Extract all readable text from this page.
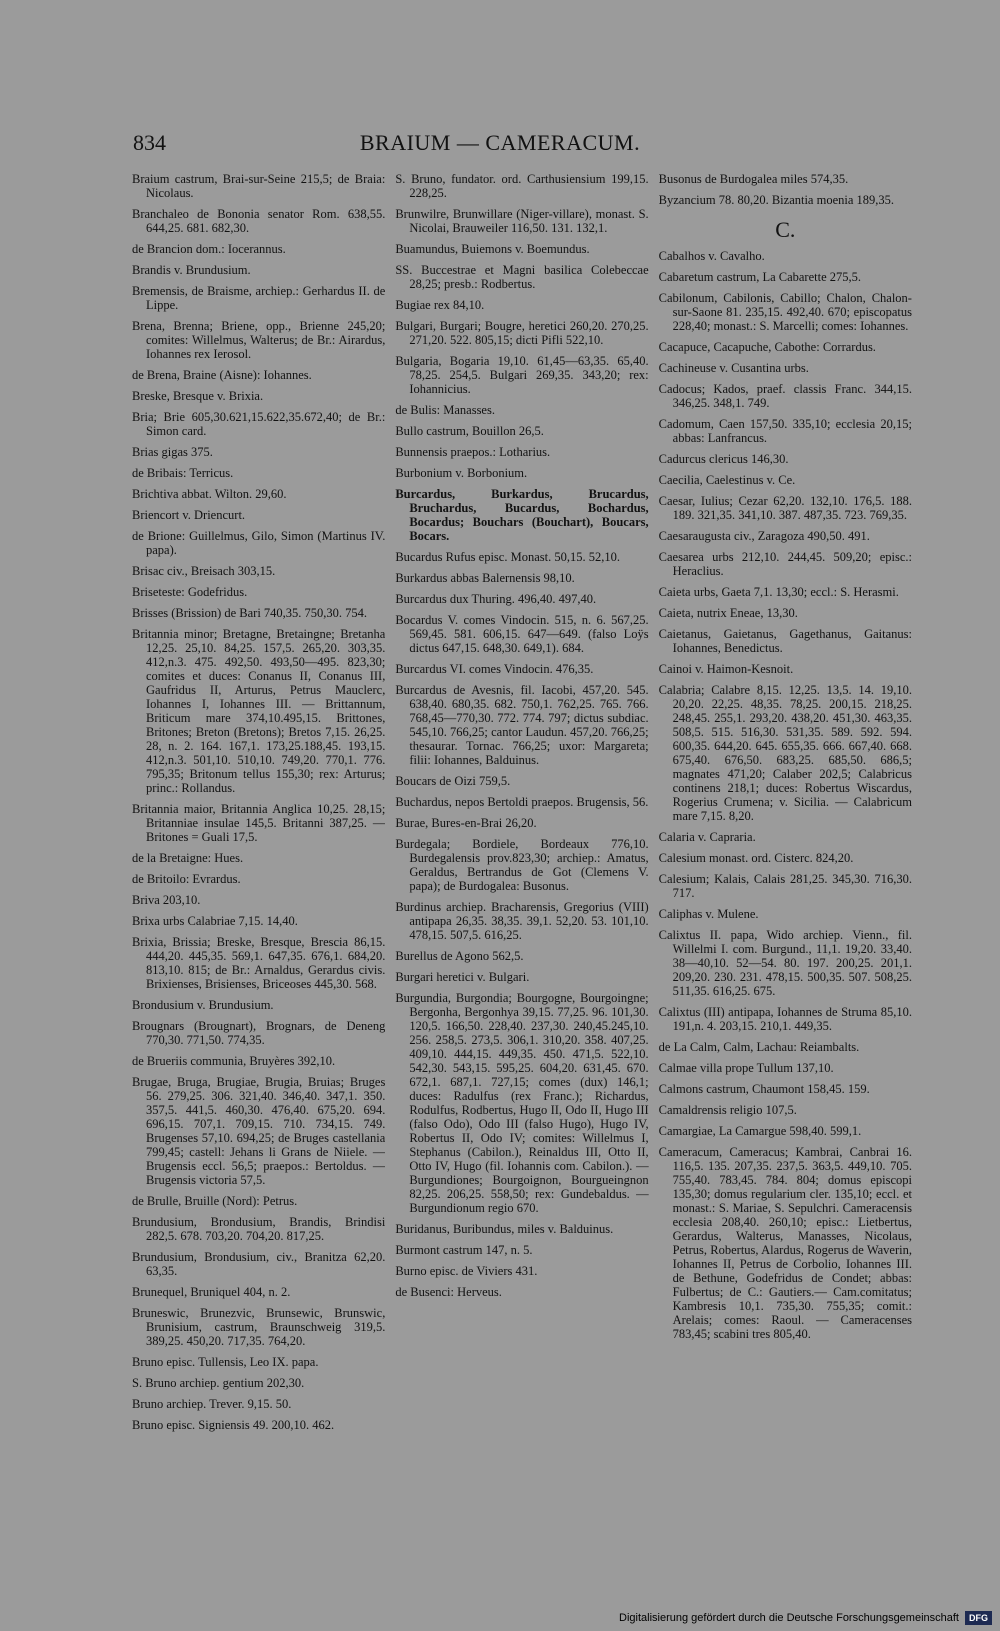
834	BRAIUM — CAMERACUM.

Braium castrum, Brai-sur-Seine 215,5; de Braia: Nicolaus.

Branchaleo de Bononia senator Rom. 638,55. 644,25. 681. 682,30.

de Brancion dom.: Iocerannus.

Brandis v. Brundusium.

Bremensis, de Braisme, archiep.: Gerhardus II. de Lippe.

Brena, Brenna; Briene, opp., Brienne 245,20; comites: Willelmus, Walterus; de Br.: Airardus, Iohannes rex Ierosol.

de Brena, Braine (Aisne): Iohannes.

Breske, Bresque v. Brixia.

Bria; Brie 605,30.621,15.622,35.672,40; de Br.: Simon card.

Brias gigas 375.

de Bribais: Terricus.

Brichtiva abbat. Wilton. 29,60.

Briencort v. Driencurt.

de Brione: Guillelmus, Gilo, Simon (Martinus IV. papa).

Brisac civ., Breisach 303,15.

Briseteste: Godefridus.

Brisses (Brission) de Bari 740,35. 750,30. 754.

Britannia minor; Bretagne, Bretaingne; Bretanha 12,25. 25,10. 84,25. 157,5. 265,20. 303,35. 412,n.3. 475. 492,50. 493,50—495. 823,30; comites et duces: Conanus II, Conanus III, Gaufridus II, Arturus, Petrus Mauclerc, Iohannes I, Iohannes III. — Brittannum, Briticum mare 374,10.495,15. Brittones, Britones; Breton (Bretons); Bretos 7,15. 26,25. 28, n. 2. 164. 167,1. 173,25.188,45. 193,15. 412,n.3. 501,10. 510,10. 749,20. 770,1. 776. 795,35; Britonum tellus 155,30; rex: Arturus; princ.: Rollandus.

Britannia maior, Britannia Anglica 10,25. 28,15; Britanniae insulae 145,5. Britanni 387,25. — Britones = Guali 17,5.

de la Bretaigne: Hues.

de Britoilo: Evrardus.

Briva 203,10.

Brixa urbs Calabriae 7,15. 14,40.

Brixia, Brissia; Breske, Bresque, Brescia 86,15. 444,20. 445,35. 569,1. 647,35. 676,1. 684,20. 813,10. 815; de Br.: Arnaldus, Gerardus civis. Brixienses, Brisienses, Briceoses 445,30. 568.

Brondusium v. Brundusium.

Brougnars (Brougnart), Brognars, de Deneng 770,30. 771,50. 774,35.

de Brueriis communia, Bruyères 392,10.

Brugae, Bruga, Brugiae, Brugia, Bruias; Bruges 56. 279,25. 306. 321,40. 346,40. 347,1. 350. 357,5. 441,5. 460,30. 476,40. 675,20. 694. 696,15. 707,1. 709,15. 710. 734,15. 749. Brugenses 57,10. 694,25; de Bruges castellania 799,45; castell: Jehans li Grans de Niiele. — Brugensis eccl. 56,5; praepos.: Bertoldus. — Brugensis victoria 57,5.

de Brulle, Bruille (Nord): Petrus.

Brundusium, Brondusium, Brandis, Brindisi 282,5. 678. 703,20. 704,20. 817,25.

Brundusium, Brondusium, civ., Branitza 62,20. 63,35.

Brunequel, Bruniquel 404, n. 2.

Bruneswic, Brunezvic, Brunsewic, Brunswic, Brunisium, castrum, Braunschweig 319,5. 389,25. 450,20. 717,35. 764,20.

Bruno episc. Tullensis, Leo IX. papa.

S. Bruno archiep. gentium 202,30.

Bruno archiep. Trever. 9,15. 50.

Bruno episc. Signiensis 49. 200,10. 462.

S. Bruno, fundator. ord. Carthusiensium 199,15. 228,25.

Brunwilre, Brunwillare (Niger-villare), monast. S. Nicolai, Brauweiler 116,50. 131. 132,1.

Buamundus, Buiemons v. Boemundus.

SS. Buccestrae et Magni basilica Colebeccae 28,25; presb.: Rodbertus.

Bugiae rex 84,10.

Bulgari, Burgari; Bougre, heretici 260,20. 270,25. 271,20. 522. 805,15; dicti Pifli 522,10.

Bulgaria, Bogaria 19,10. 61,45—63,35. 65,40. 78,25. 254,5. Bulgari 269,35. 343,20; rex: Iohannicius.

de Bulis: Manasses.

Bullo castrum, Bouillon 26,5.

Bunnensis praepos.: Lotharius.

Burbonium v. Borbonium.

Burcardus, Burkardus, Brucardus, Bruchardus, Bucardus, Bochardus, Bocardus; Bouchars (Bouchart), Boucars, Bocars.

Bucardus Rufus episc. Monast. 50,15. 52,10.

Burkardus abbas Balernensis 98,10.

Burcardus dux Thuring. 496,40. 497,40.

Bocardus V. comes Vindocin. 515, n. 6. 567,25. 569,45. 581. 606,15. 647—649. (falso Loÿs dictus 647,15. 648,30. 649,1). 684.

Burcardus VI. comes Vindocin. 476,35.

Burcardus de Avesnis, fil. Iacobi, 457,20. 545. 638,40. 680,35. 682. 750,1. 762,25. 765. 766. 768,45—770,30. 772. 774. 797; dictus subdiac. 545,10. 766,25; cantor Laudun. 457,20. 766,25; thesaurar. Tornac. 766,25; uxor: Margareta; filii: Iohannes, Balduinus.

Boucars de Oizi 759,5.

Buchardus, nepos Bertoldi praepos. Brugensis, 56.

Burae, Bures-en-Brai 26,20.

Burdegala; Bordiele, Bordeaux 776,10. Burdegalensis prov.823,30; archiep.: Amatus, Geraldus, Bertrandus de Got (Clemens V. papa); de Burdogalea: Busonus.

Burdinus archiep. Bracharensis, Gregorius (VIII) antipapa 26,35. 38,35. 39,1. 52,20. 53. 101,10. 478,15. 507,5. 616,25.

Burellus de Agono 562,5.

Burgari heretici v. Bulgari.

Burgundia, Burgondia; Bourgogne, Bourgoingne; Bergonha, Bergonhya 39,15. 77,25. 96. 101,30. 120,5. 166,50. 228,40. 237,30. 240,45.245,10. 256. 258,5. 273,5. 306,1. 310,20. 358. 407,25. 409,10. 444,15. 449,35. 450. 471,5. 522,10. 542,30. 543,15. 595,25. 604,20. 631,45. 670. 672,1. 687,1. 727,15; comes (dux) 146,1; duces: Radulfus (rex Franc.); Richardus, Rodulfus, Rodbertus, Hugo II, Odo II, Hugo III (falso Odo), Odo III (falso Hugo), Hugo IV, Robertus II, Odo IV; comites: Willelmus I, Stephanus (Cabilon.), Reinaldus III, Otto II, Otto IV, Hugo (fil. Iohannis com. Cabilon.). — Burgundiones; Bourgoignon, Bourgueingnon 82,25. 206,25. 558,50; rex: Gundebaldus. — Burgundionum regio 670.

Buridanus, Buribundus, miles v. Balduinus.

Burmont castrum 147, n. 5.

Burno episc. de Viviers 431.

de Busenci: Herveus.

Busonus de Burdogalea miles 574,35.

Byzancium 78. 80,20. Bizantia moenia 189,35.

C.

Cabalhos v. Cavalho.

Cabaretum castrum, La Cabarette 275,5.

Cabilonum, Cabilonis, Cabillo; Chalon, Chalon-sur-Saone 81. 235,15. 492,40. 670; episcopatus 228,40; monast.: S. Marcelli; comes: Iohannes.

Cacapuce, Cacapuche, Cabothe: Corrardus.

Cachineuse v. Cusantina urbs.

Cadocus; Kados, praef. classis Franc. 344,15. 346,25. 348,1. 749.

Cadomum, Caen 157,50. 335,10; ecclesia 20,15; abbas: Lanfrancus.

Cadurcus clericus 146,30.

Caecilia, Caelestinus v. Ce.

Caesar, Iulius; Cezar 62,20. 132,10. 176,5. 188. 189. 321,35. 341,10. 387. 487,35. 723. 769,35.

Caesaraugusta civ., Zaragoza 490,50. 491.

Caesarea urbs 212,10. 244,45. 509,20; episc.: Heraclius.

Caieta urbs, Gaeta 7,1. 13,30; eccl.: S. Herasmi.

Caieta, nutrix Eneae, 13,30.

Caietanus, Gaietanus, Gagethanus, Gaitanus: Iohannes, Benedictus.

Cainoi v. Haimon-Kesnoit.

Calabria; Calabre 8,15. 12,25. 13,5. 14. 19,10. 20,20. 22,25. 48,35. 78,25. 200,15. 218,25. 248,45. 255,1. 293,20. 438,20. 451,30. 463,35. 508,5. 515. 516,30. 531,35. 589. 592. 594. 600,35. 644,20. 645. 655,35. 666. 667,40. 668. 675,40. 676,50. 683,25. 685,50. 686,5; magnates 471,20; Calaber 202,5; Calabricus continens 218,1; duces: Robertus Wiscardus, Rogerius Crumena; v. Sicilia. — Calabricum mare 7,15. 8,20.

Calaria v. Capraria.

Calesium monast. ord. Cisterc. 824,20.

Calesium; Kalais, Calais 281,25. 345,30. 716,30. 717.

Caliphas v. Mulene.

Calixtus II. papa, Wido archiep. Vienn., fil. Willelmi I. com. Burgund., 11,1. 19,20. 33,40. 38—40,10. 52—54. 80. 197. 200,25. 201,1. 209,20. 230. 231. 478,15. 500,35. 507. 508,25. 511,35. 616,25. 675.

Calixtus (III) antipapa, Iohannes de Struma 85,10. 191,n. 4. 203,15. 210,1. 449,35.

de La Calm, Calm, Lachau: Reiambalts.

Calmae villa prope Tullum 137,10.

Calmons castrum, Chaumont 158,45. 159.

Camaldrensis religio 107,5.

Camargiae, La Camargue 598,40. 599,1.

Cameracum, Cameracus; Kambrai, Canbrai 16. 116,5. 135. 207,35. 237,5. 363,5. 449,10. 705. 755,40. 783,45. 784. 804; domus episcopi 135,30; domus regularium cler. 135,10; eccl. et monast.: S. Mariae, S. Sepulchri. Cameracensis ecclesia 208,40. 260,10; episc.: Lietbertus, Gerardus, Walterus, Manasses, Nicolaus, Petrus, Robertus, Alardus, Rogerus de Waverin, Iohannes II, Petrus de Corbolio, Iohannes III. de Bethune, Godefridus de Condet; abbas: Fulbertus; de C.: Gautiers.— Cam.comitatus; Kambresis 10,1. 735,30. 755,35; comit.: Arelais; comes: Raoul. — Cameracenses 783,45; scabini tres 805,40.

Digitalisierung gefördert durch die Deutsche Forschungsgemeinschaft	DFG
